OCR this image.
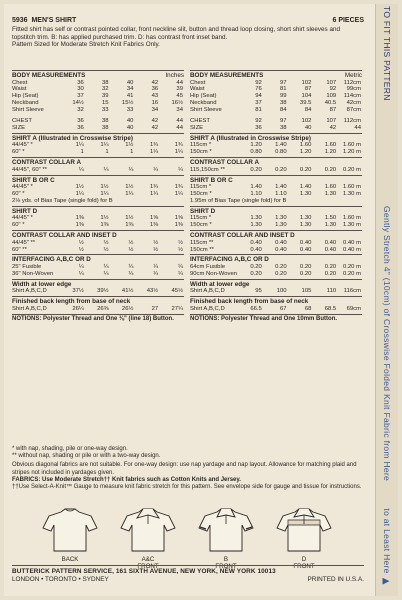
TO FIT THIS PATTERN  Gently Stretch 4" (10cm) of Crosswise Folded Knit Fabric from Here  to at Least Here ▶
5936 MEN'S SHIRT	6 PIECES
Fitted shirt has self or contrast pointed collar, front neckline slit, button and thread loop closing, short shirt sleeves and topstitch trim. B: has applied purchased trim. D: has contrast front inset band.
Pattern Sized for Moderate Stretch Knit Fabrics Only.
BODY MEASUREMENTS	Inches
Chest	36	38	40	42	44
Waist	30	32	34	36	39
Hip (Seat)	37	39	41	43	45
Neckband	14½	15	15½	16	16½
Shirt Sleeve	32	33	33	34	34
CHEST	36	38	40	42	44
SIZE	36	38	40	42	44
SHIRT A (Illustrated in Crosswise Stripe)
44/45" *	1¼	1¼	1½	1¾	1¾
60" *	1	1	1	1¼	1¼
CONTRAST COLLAR A
44/45", 60" **	¼	¼	¼	¼	¼
SHIRT B OR C
44/45" *	1½	1½	1½	1¾	1¾
60" *	1¼	1¼	1¼	1¼	1¼
2⅛ yds. of Bias Tape (single fold) for B
SHIRT D
44/45" *	1⅜	1½	1½	1⅝	1⅝
60" *	1⅜	1⅜	1⅜	1⅜	1⅜
CONTRAST COLLAR AND INSET D
44/45" **	½	½	½	½	½
60" **	½	½	½	½	½
INTERFACING A,B,C OR D
25" Fusible	¼	¼	¼	¼	¼
36" Non-Woven	¼	¼	¼	¼	¼
Width at lower edge
Shirt A,B,C,D	37½	39½	41½	43½	45½
Finished back length from base of neck
Shirt A,B,C,D	26¼	26⅜	26½	27	27¼
NOTIONS: Polyester Thread and One ⅜" (line 18) Button.
BODY MEASUREMENTS	Metric
Chest	92	97	102	107	112cm
Waist	76	81	87	92	99cm
Hip (Seat)	94	99	104	109	114cm
Neckband	37	38	39.5	40.5	42cm
Shirt Sleeve	81	84	84	87	87cm
CHEST	92	97	102	107	112cm
SIZE	36	38	40	42	44
SHIRT A (Illustrated in Crosswise Stripe)
115cm *	1.20	1.40	1.60	1.60	1.60 m
150cm *	0.80	0.80	1.20	1.20	1.20 m
CONTRAST COLLAR A
115,150cm **	0.20	0.20	0.20	0.20	0.20 m
SHIRT B OR C
115cm *	1.40	1.40	1.40	1.60	1.60 m
150cm *	1.10	1.10	1.30	1.30	1.30 m
1.95m of Bias Tape (single fold) for B
SHIRT D
115cm *	1.30	1.30	1.30	1.50	1.60 m
150cm *	1.30	1.30	1.30	1.30	1.30 m
CONTRAST COLLAR AND INSET D
115cm **	0.40	0.40	0.40	0.40	0.40 m
150cm **	0.40	0.40	0.40	0.40	0.40 m
INTERFACING A,B,C OR D
64cm Fusible	0.20	0.20	0.20	0.20	0.20 m
90cm Non-Woven	0.20	0.20	0.20	0.20	0.20 m
Width at lower edge
Shirt A,B,C,D	95	100	105	110	116cm
Finished back length from base of neck
Shirt A,B,C,D	66.5	67	68	68.5	69cm
NOTIONS: Polyester Thread and One 10mm Button.

* with nap, shading, pile or one-way design.

** without nap, shading or pile or with a two-way design.

Obvious diagonal fabrics are not suitable. For one-way design: use nap yardage and nap layout. Allowance for matching plaid and stripes not included in yardages given.

FABRICS: Use Moderate Stretch†† Knit fabrics such as Cotton Knits and Jersey.

††Use Select-A-Knit™ Gauge to measure knit fabric stretch for this pattern. See envelope side for gauge and tissue for instructions.

BACK	A&C
FRONT
B
FRONT
D
FRONT
BUTTERICK PATTERN SERVICE, 161 SIXTH AVENUE, NEW YORK, NEW YORK 10013
LONDON • TORONTO • SYDNEY	PRINTED IN U.S.A.
